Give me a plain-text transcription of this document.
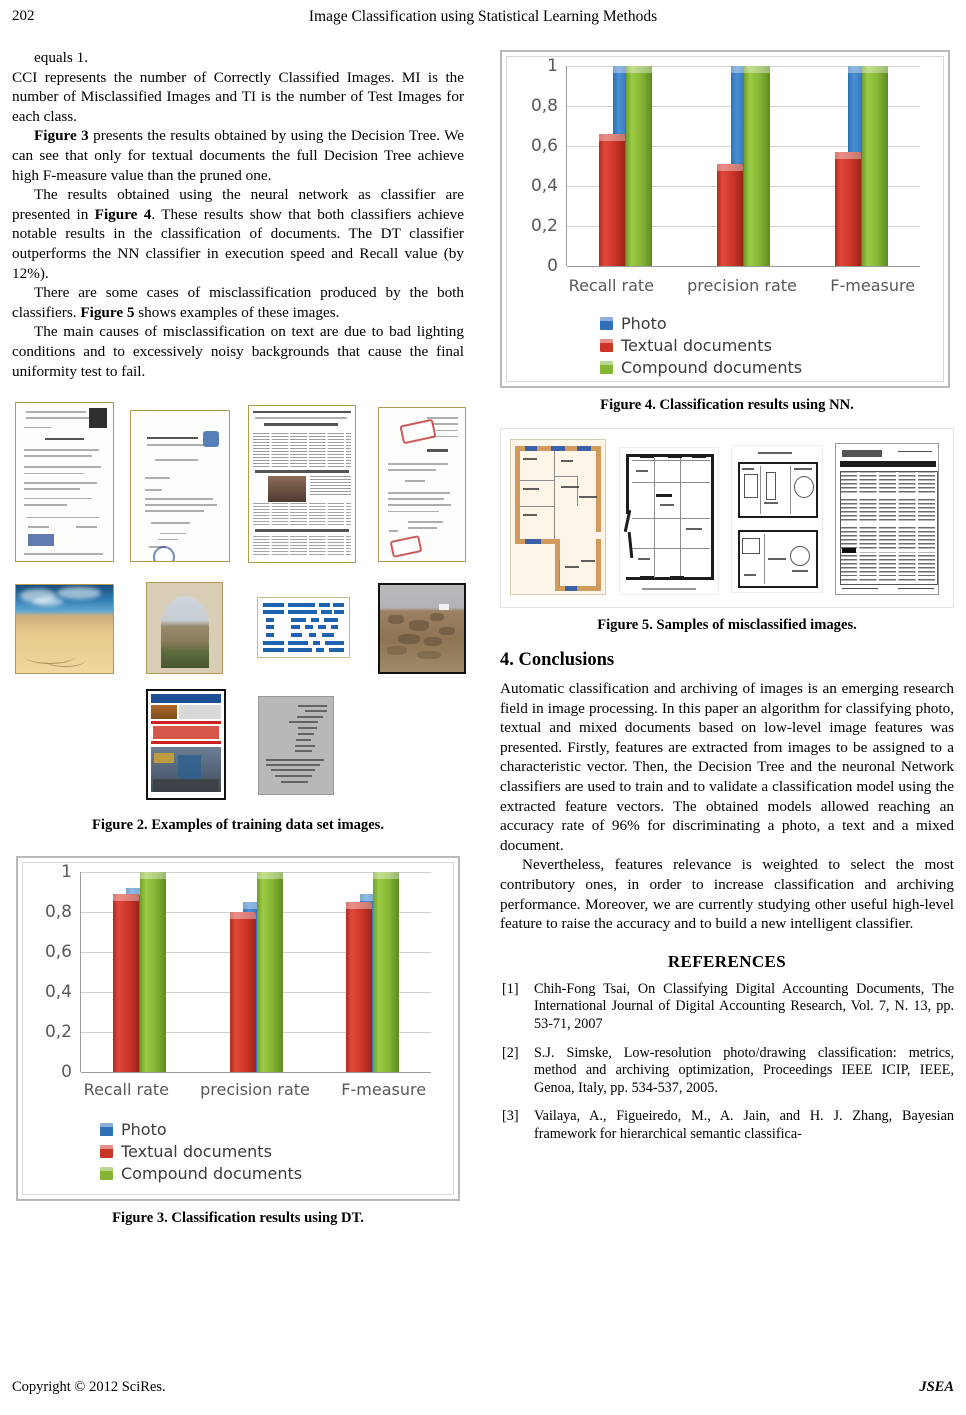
202	Image Classification using Statistical Learning Methods

equals 1.

CCI represents the number of Correctly Classified Images. MI is the number of Misclassified Images and TI is the number of Test Images for each class.

Figure 3 presents the results obtained by using the Decision Tree. We can see that only for textual documents the full Decision Tree achieve high F-measure value than the pruned one.

The results obtained using the neural network as classifier are presented in Figure 4. These results show that both classifiers achieve notable results in the classification of documents. The DT classifier outperforms the NN classifier in execution speed and Recall value (by 12%).

There are some cases of misclassification produced by the both classifiers. Figure 5 shows examples of these images.

The main causes of misclassification on text are due to bad lighting conditions and to excessively noisy backgrounds that cause the final uniformity test to fail.

Figure 2. Examples of training data set images.
0
0,2
0,4
0,6
0,8
1
Recall rate	precision rate	F-measure
Photo
Textual documents
Compound documents
Figure 3. Classification results using DT.
0
0,2
0,4
0,6
0,8
1
Recall rate	precision rate	F-measure
Photo
Textual documents
Compound documents
Figure 4. Classification results using NN.
Figure 5. Samples of misclassified images.
4. Conclusions

Automatic classification and archiving of images is an emerging research field in image processing. In this paper an algorithm for classifying photo, textual and mixed documents based on low-level image features was presented. Firstly, features are extracted from images to be assigned to a characteristic vector. Then, the Decision Tree and the neuronal Network classifiers are used to train and to validate a classification model using the extracted feature vectors. The obtained models allowed reaching an accuracy rate of 96% for discriminating a photo, a text and a mixed document.

Nevertheless, features relevance is weighted to select the most contributory ones, in order to increase classification and archiving performance. Moreover, we are currently studying other useful high-level feature to raise the accuracy and to build a new intelligent classifier.

REFERENCES
[1] Chih-Fong Tsai, On Classifying Digital Accounting Documents, The International Journal of Digital Accounting Research, Vol. 7, N. 13, pp. 53-71, 2007
[2] S.J. Simske, Low-resolution photo/drawing classification: metrics, method and archiving optimization, Proceedings IEEE ICIP, IEEE, Genoa, Italy, pp. 534-537, 2005.
[3] Vailaya, A., Figueiredo, M., A. Jain, and H. J. Zhang, Bayesian framework for hierarchical semantic classifica-
Copyright © 2012 SciRes.	JSEA
